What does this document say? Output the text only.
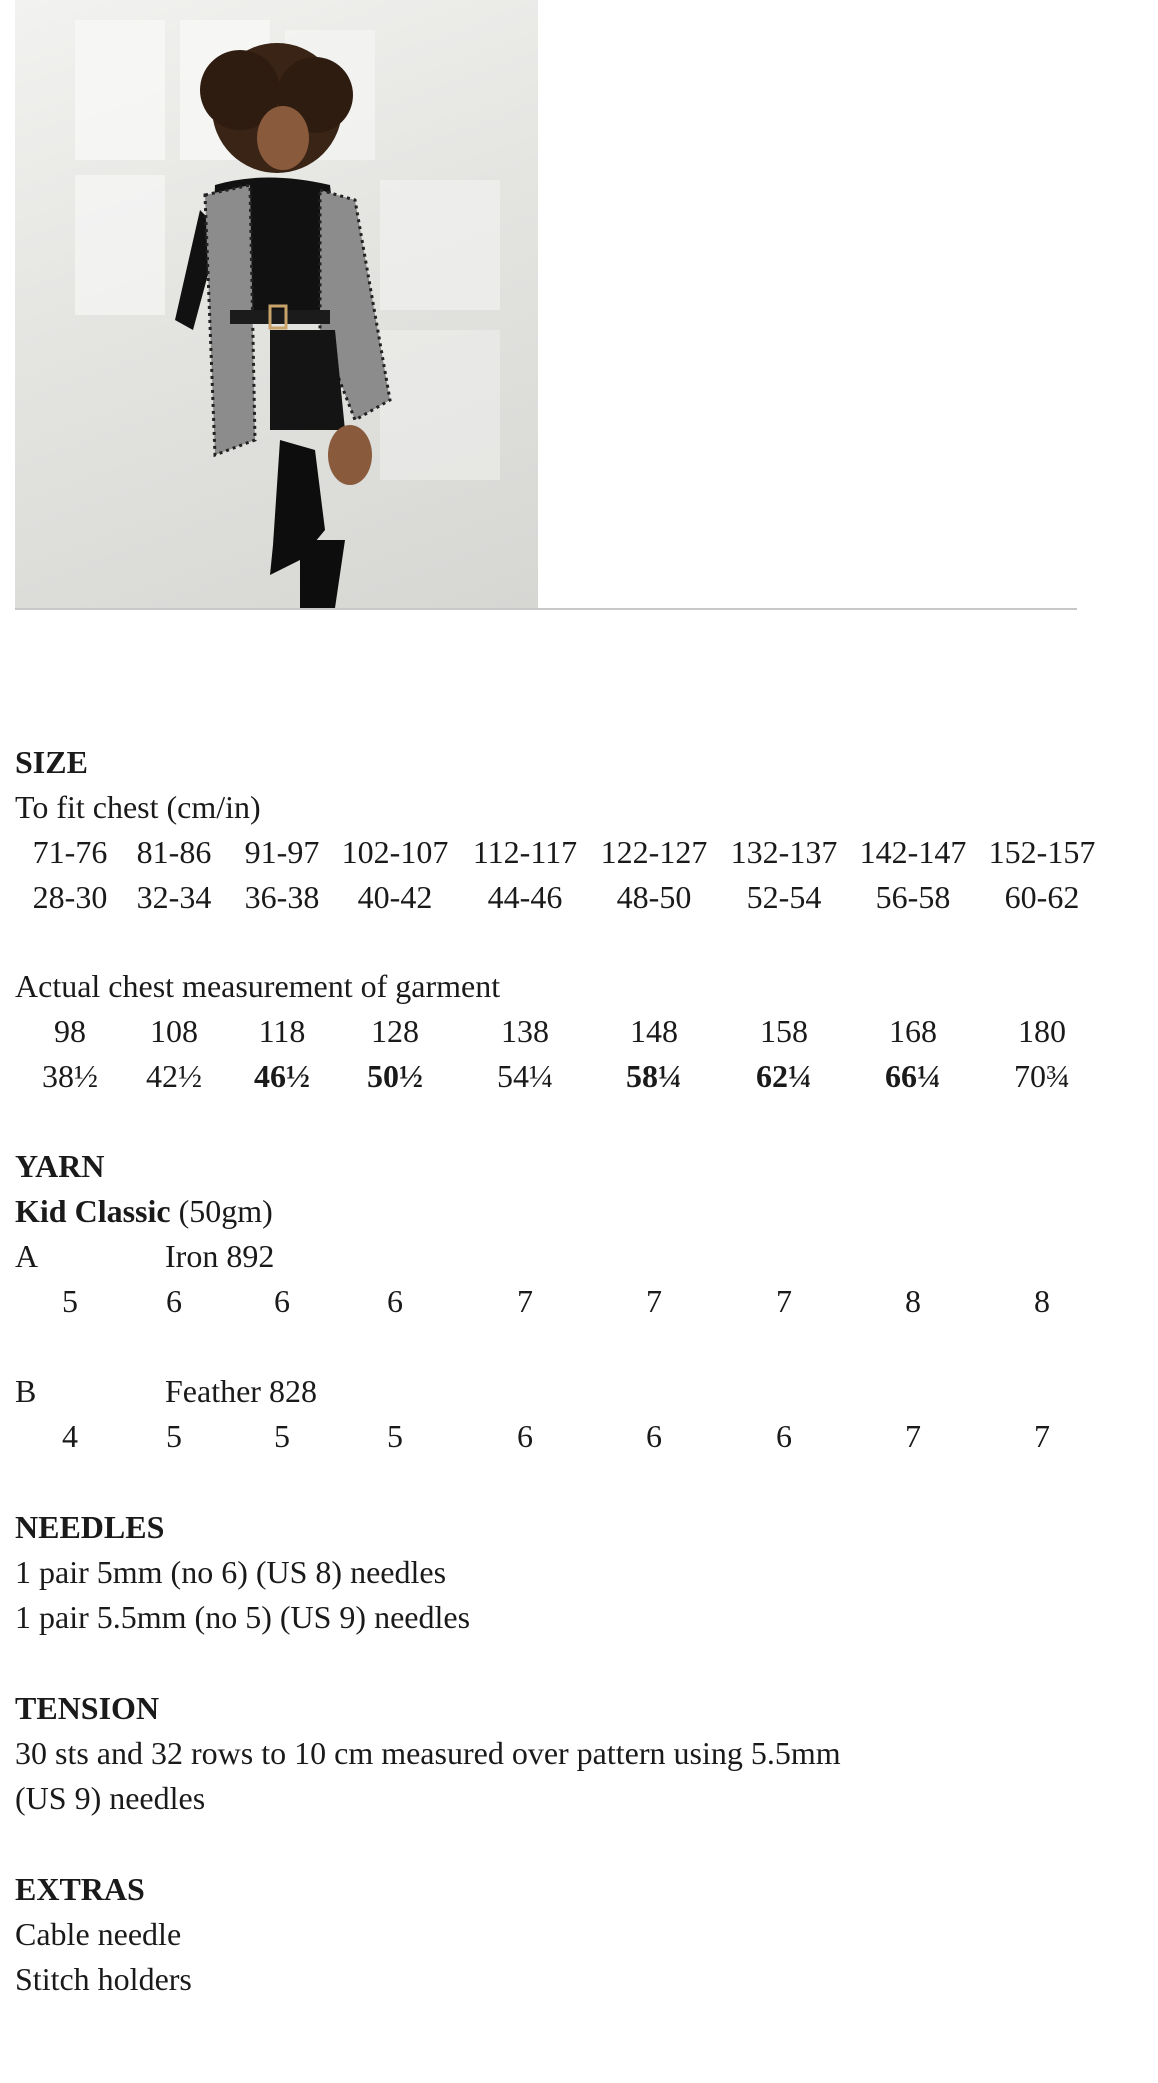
SIZE
To fit chest (cm/in)
71-76 81-86 91-97 102-107 112-117 122-127 132-137 142-147 152-157
28-30 32-34 36-38 40-42 44-46 48-50 52-54 56-58 60-62
Actual chest measurement of garment
98 108 118 128	138	148	158	168	180
38½ 42½ 46½ 50½ 54¼ 58¼ 62¼ 66¼ 70¾
YARN
Kid Classic (50gm)
A	Iron 892
5	6	6	6	7	7	7	8	8
B	Feather 828
4	5	5	5	6	6	6	7	7
NEEDLES
1 pair 5mm (no 6) (US 8) needles
1 pair 5.5mm (no 5) (US 9) needles
TENSION
30 sts and 32 rows to 10 cm measured over pattern using 5.5mm
(US 9) needles
EXTRAS
Cable needle
Stitch holders
